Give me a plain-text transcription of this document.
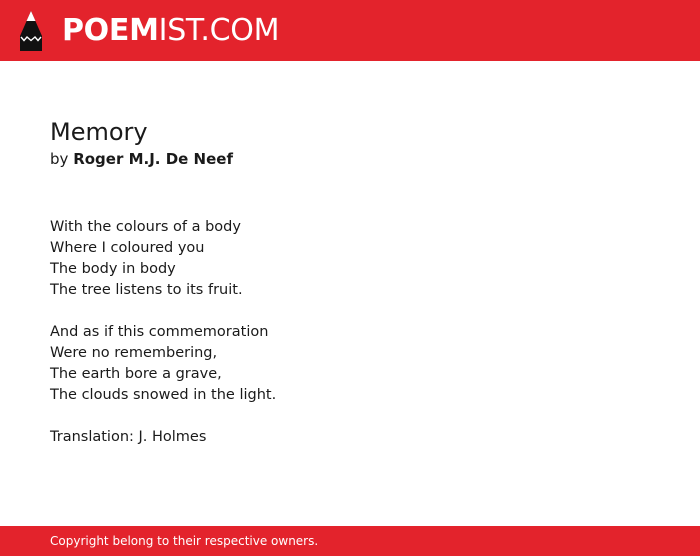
POEMIST.COM
Memory
by Roger M.J. De Neef

With the colours of a body
Where I coloured you
The body in body
The tree listens to its fruit.

And as if this commemoration
Were no remembering,
The earth bore a grave,
The clouds snowed in the light.

Translation: J. Holmes
Copyright belong to their respective owners.
